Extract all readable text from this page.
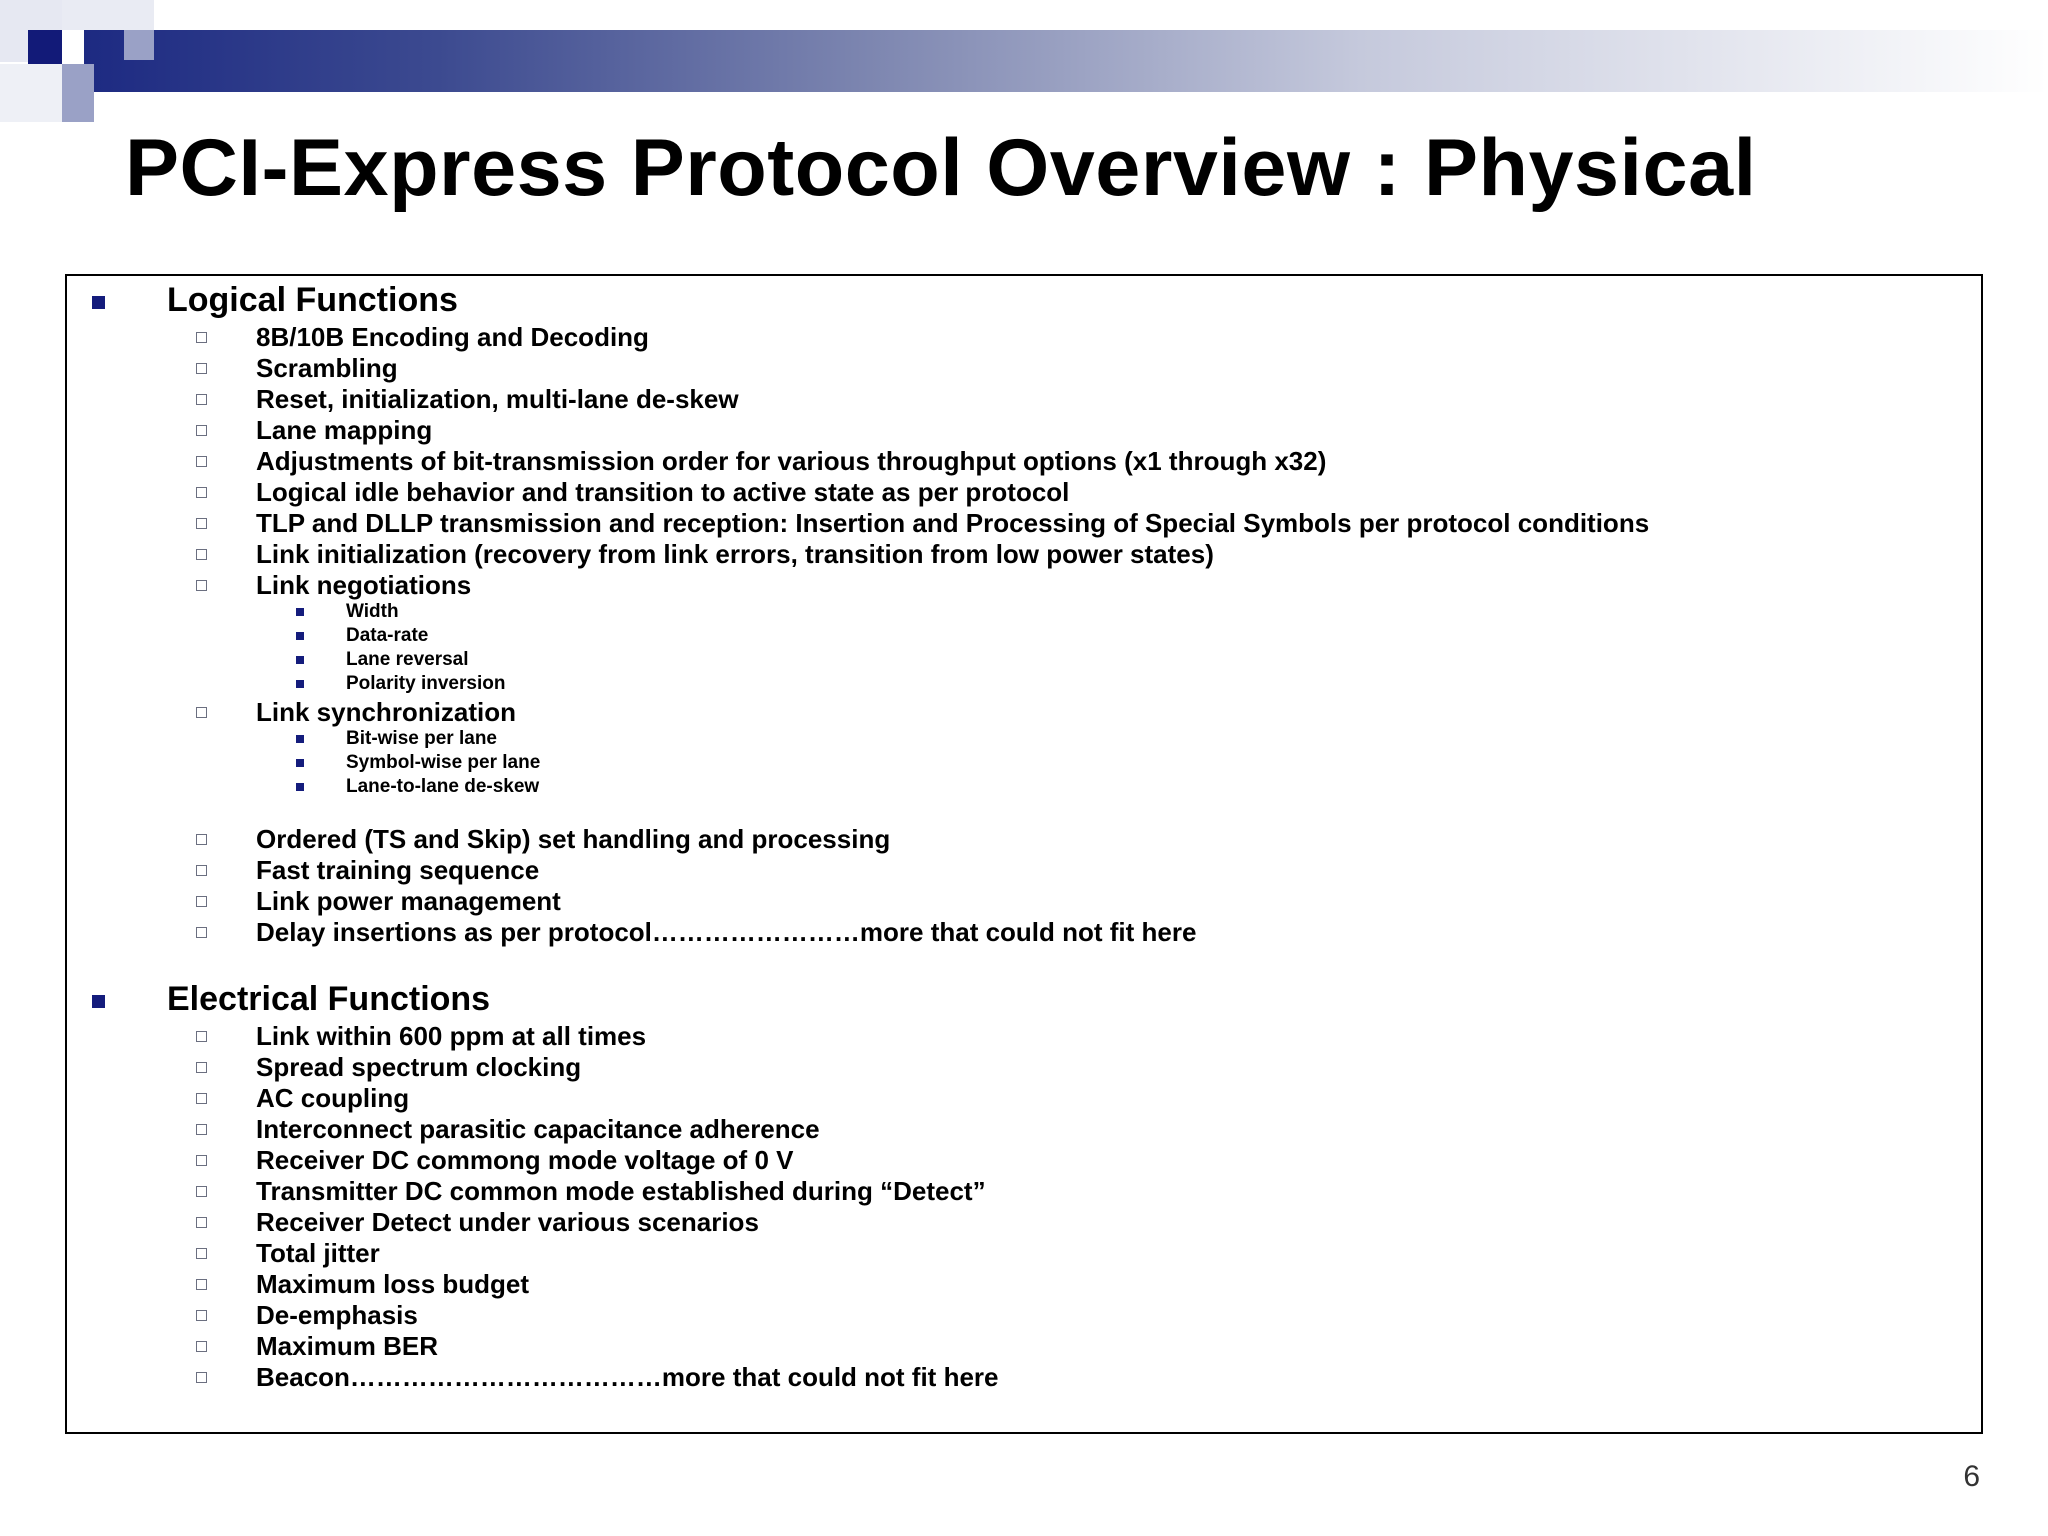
PCI-Express Protocol Overview : Physical
Logical Functions
8B/10B Encoding and Decoding
Scrambling
Reset, initialization, multi-lane de-skew
Lane mapping
Adjustments of bit-transmission order for various throughput options (x1 through x32)
Logical idle behavior and transition to active state as per protocol
TLP and DLLP transmission and reception: Insertion and Processing of Special Symbols per protocol conditions
Link initialization (recovery from link errors, transition from low power states)
Link negotiations
Width
Data-rate
Lane reversal
Polarity inversion
Link synchronization
Bit-wise per lane
Symbol-wise per lane
Lane-to-lane de-skew
Ordered (TS and Skip) set handling and processing
Fast training sequence
Link power management
Delay insertions as per protocol……………………more that could not fit here
Electrical Functions
Link within 600 ppm at all times
Spread spectrum clocking
AC coupling
Interconnect parasitic capacitance adherence
Receiver DC commong mode voltage of 0 V
Transmitter DC common mode established during “Detect”
Receiver Detect under various scenarios
Total jitter
Maximum loss budget
De-emphasis
Maximum BER
Beacon………………………………more that could not fit here
6
